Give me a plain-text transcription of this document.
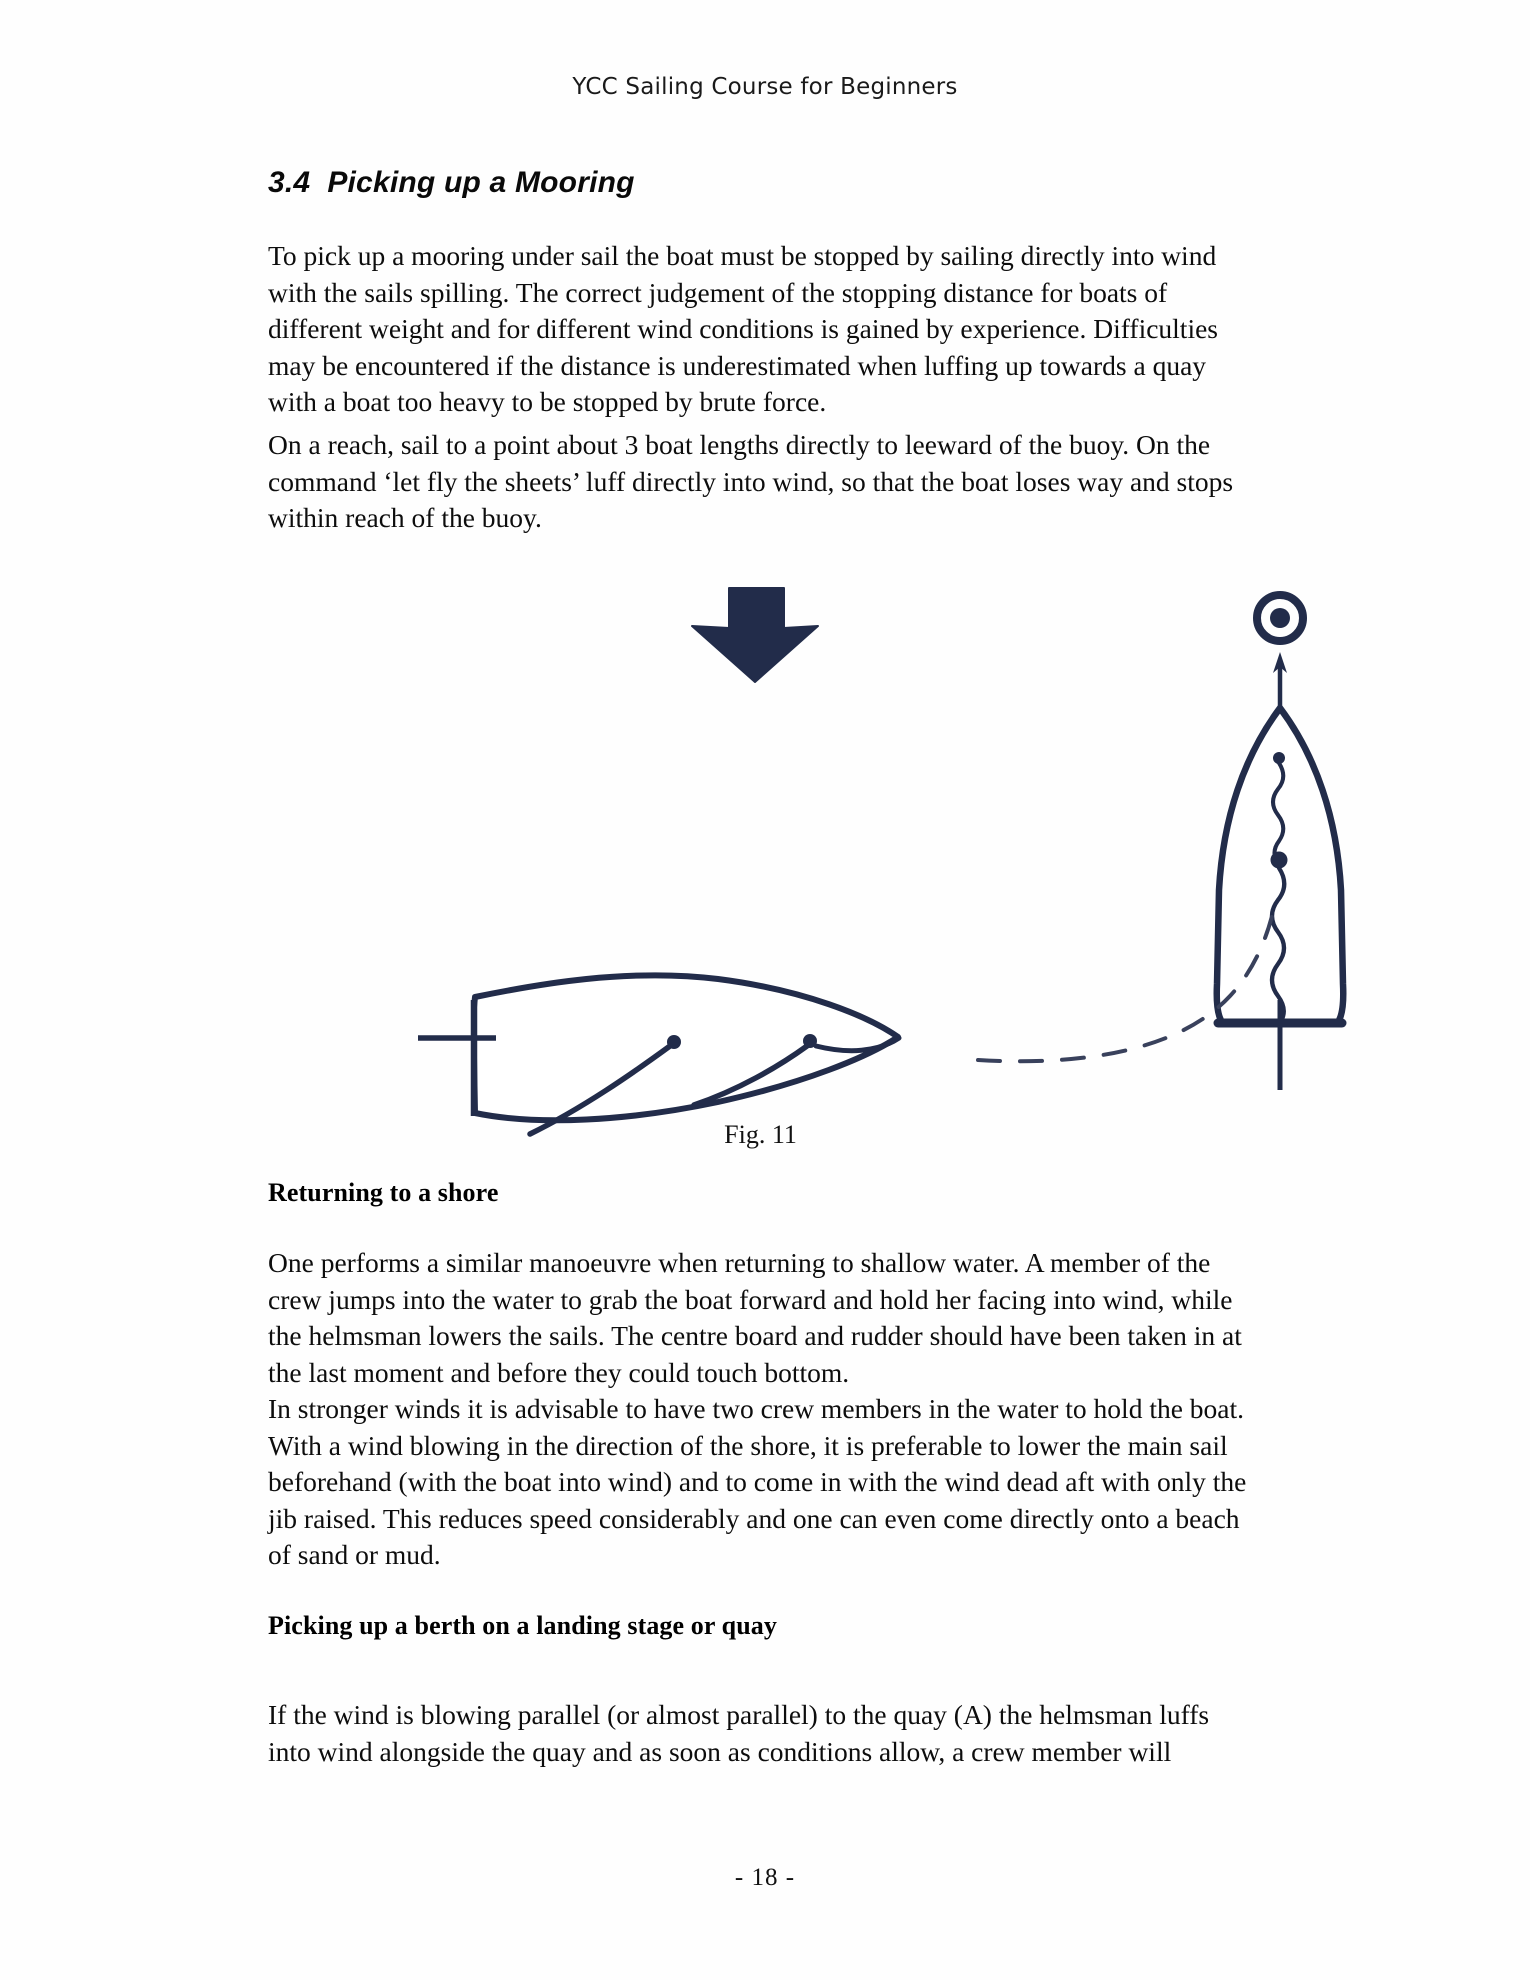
YCC Sailing Course for Beginners
3.4 Picking up a Mooring

To pick up a mooring under sail the boat must be stopped by sailing directly into wind with the sails spilling. The correct judgement of the stopping distance for boats of different weight and for different wind conditions is gained by experience. Difficulties may be encountered if the distance is underestimated when luffing up towards a quay with a boat too heavy to be stopped by brute force.

On a reach, sail to a point about 3 boat lengths directly to leeward of the buoy. On the command ‘let fly the sheets’ luff directly into wind, so that the boat loses way and stops within reach of the buoy.

Fig. 11
Returning to a shore

One performs a similar manoeuvre when returning to shallow water. A member of the crew jumps into the water to grab the boat forward and hold her facing into wind, while the helmsman lowers the sails. The centre board and rudder should have been taken in at the last moment and before they could touch bottom.
In stronger winds it is advisable to have two crew members in the water to hold the boat.
With a wind blowing in the direction of the shore, it is preferable to lower the main sail beforehand (with the boat into wind) and to come in with the wind dead aft with only the jib raised. This reduces speed considerably and one can even come directly onto a beach of sand or mud.

Picking up a berth on a landing stage or quay

If the wind is blowing parallel (or almost parallel) to the quay (A) the helmsman luffs into wind alongside the quay and as soon as conditions allow, a crew member will

- 18 -
